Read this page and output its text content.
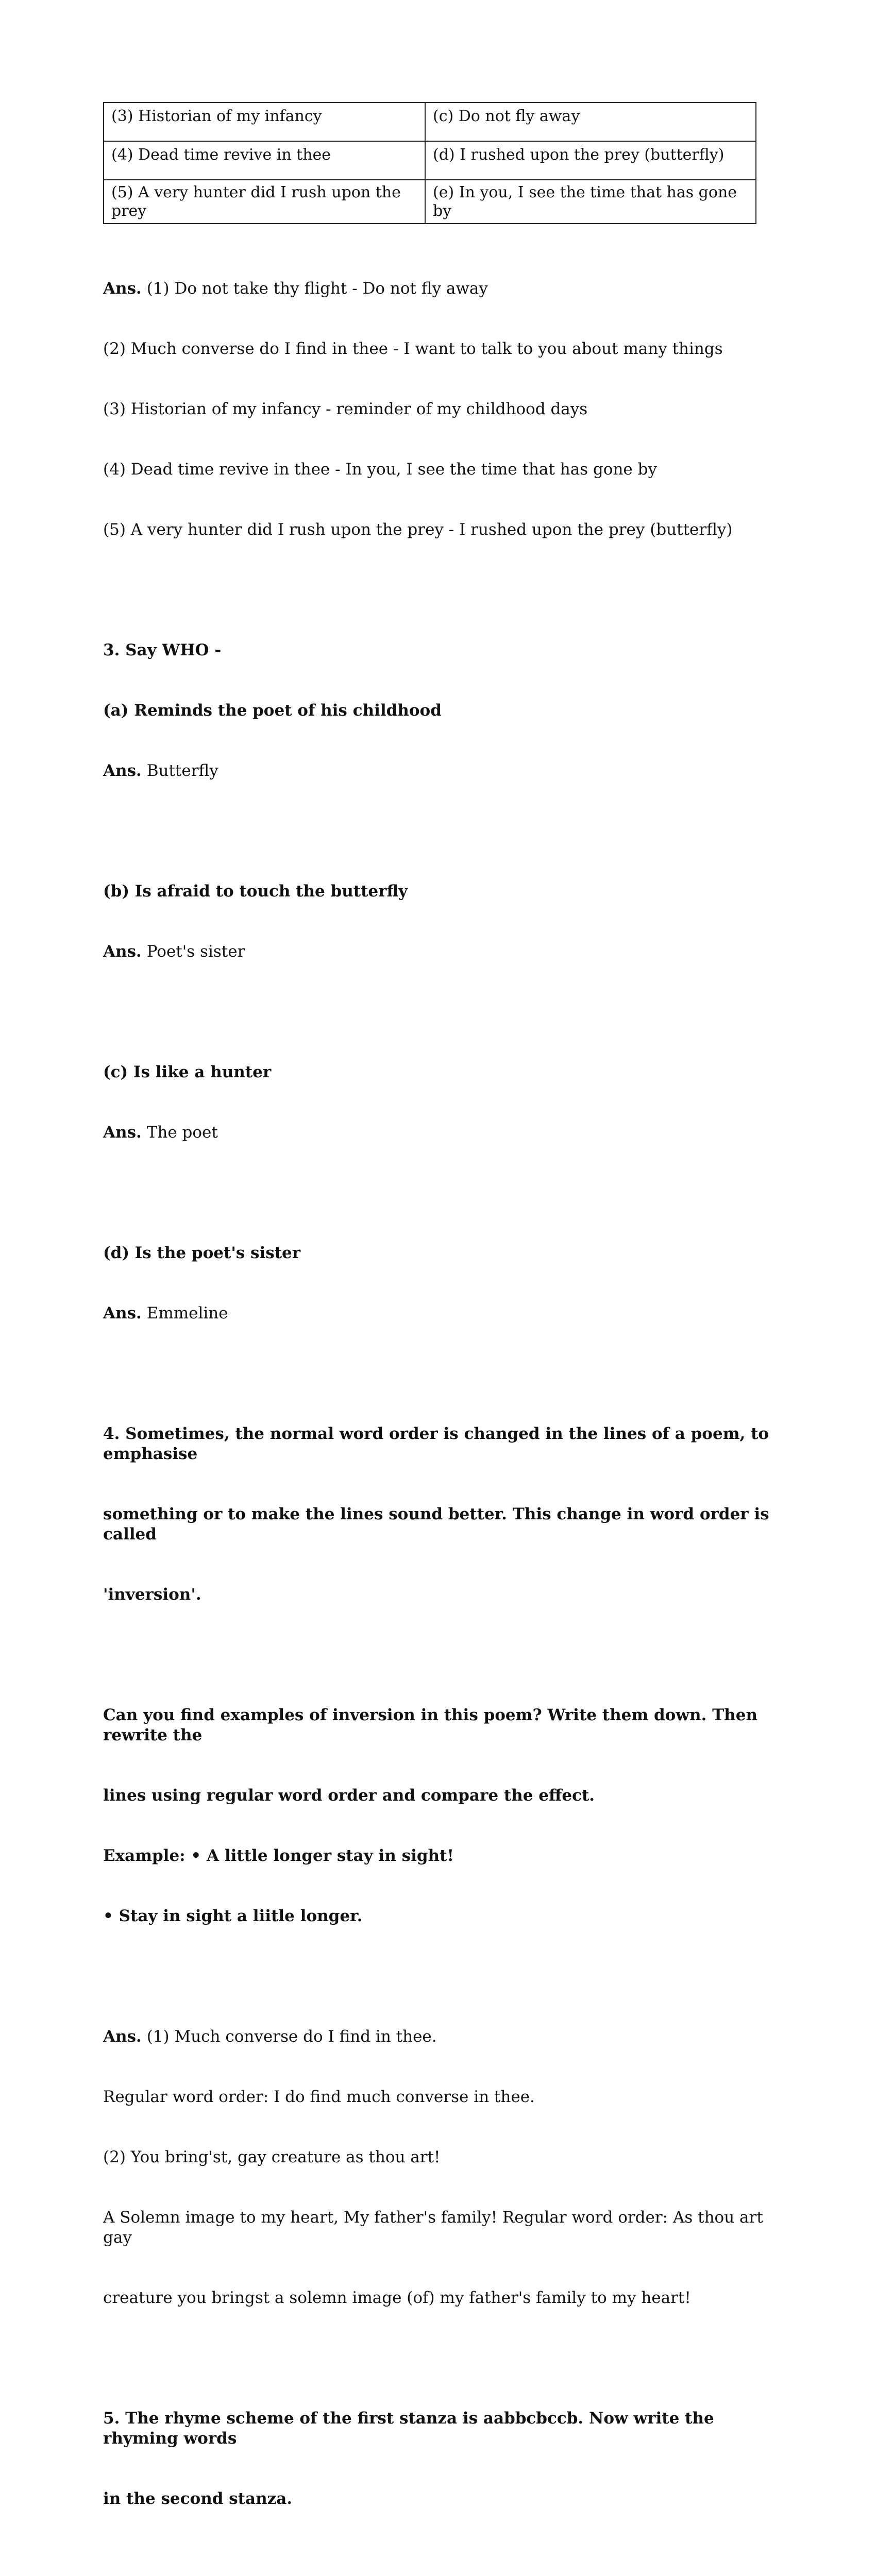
(3) Historian of my infancy	(c) Do not fly away
(4) Dead time revive in thee	(d) I rushed upon the prey (butterfly)
(5) A very hunter did I rush upon the prey	(e) In you, I see the time that has gone by

Ans. (1) Do not take thy flight - Do not fly away

(2) Much converse do I find in thee - I want to talk to you about many things

(3) Historian of my infancy - reminder of my childhood days

(4) Dead time revive in thee - In you, I see the time that has gone by

(5) A very hunter did I rush upon the prey - I rushed upon the prey (butterfly)

3. Say WHO -

(a) Reminds the poet of his childhood

Ans. Butterfly

(b) Is afraid to touch the butterfly

Ans. Poet's sister

(c) Is like a hunter

Ans. The poet

(d) Is the poet's sister

Ans. Emmeline

4. Sometimes, the normal word order is changed in the lines of a poem, to emphasise

something or to make the lines sound better. This change in word order is called

'inversion'.

Can you find examples of inversion in this poem? Write them down. Then rewrite the

lines using regular word order and compare the effect.

Example: • A little longer stay in sight!

• Stay in sight a liitle longer.

Ans. (1) Much converse do I find in thee.

Regular word order: I do find much converse in thee.

(2) You bring'st, gay creature as thou art!

A Solemn image to my heart, My father's family! Regular word order: As thou art gay

creature you bringst a solemn image (of) my father's family to my heart!

5. The rhyme scheme of the first stanza is aabbcbccb. Now write the rhyming words

in the second stanza.
